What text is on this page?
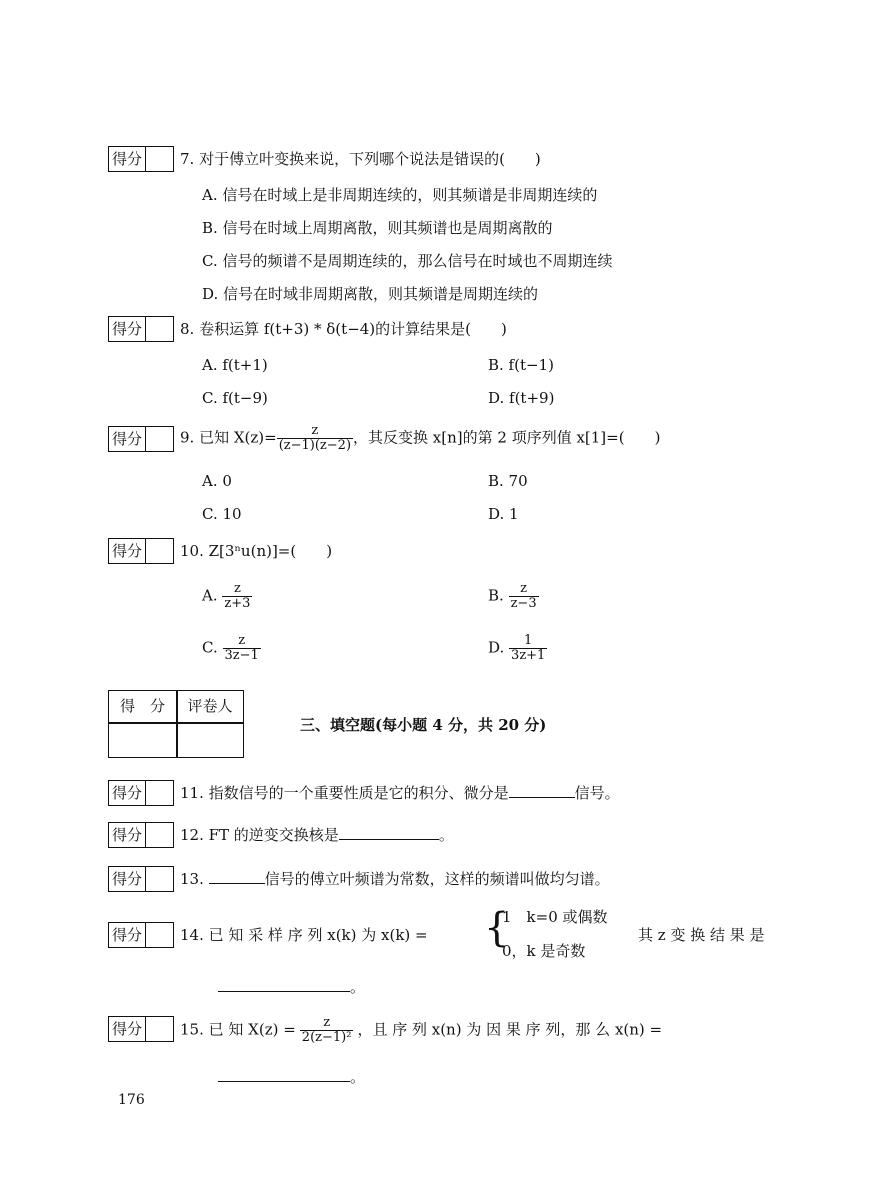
得分	7. 对于傅立叶变换来说，下列哪个说法是错误的(　　)
A. 信号在时域上是非周期连续的，则其频谱是非周期连续的
B. 信号在时域上周期离散，则其频谱也是周期离散的
C. 信号的频谱不是周期连续的，那么信号在时域也不周期连续
D. 信号在时域非周期离散，则其频谱是周期连续的
得分	8. 卷积运算 f(t+3) * δ(t−4)的计算结果是(　　)
A. f(t+1)	B. f(t−1)
C. f(t−9)	D. f(t+9)
得分	9. 已知 $X(z)= \frac{z}{(z-1)(z-2)}$ ，其反变换 x[n]的第 2 项序列值 x[1]=(　　)
A. 0	B. 70
C. 10	D. 1
得分	10. Z[3ⁿu(n)]=(　　)
A. $\frac{z}{z+3}$	B. $\frac{z}{z-3}$
C. $\frac{z}{3z-1}$	D. $\frac{1}{3z+1}$
得　分	评卷人
三、填空题(每小题 4 分，共 20 分)
得分	11. 指数信号的一个重要性质是它的积分、微分是	信号。
得分	12. FT 的逆变交换核是	。
得分	13.	信号的傅立叶频谱为常数，这样的频谱叫做均匀谱。
得分	14. 已 知 采 样 序 列 x(k) 为 x(k) = {
1　k=0 或偶数
0，k 是奇数
其 z 变 换 结 果 是
。
得分	15. 已 知 $X(z) = \frac{z}{\text{2(z−1)²}}$ ，且 序 列 x(n) 为 因 果 序 列，那 么 x(n) =
。
176
